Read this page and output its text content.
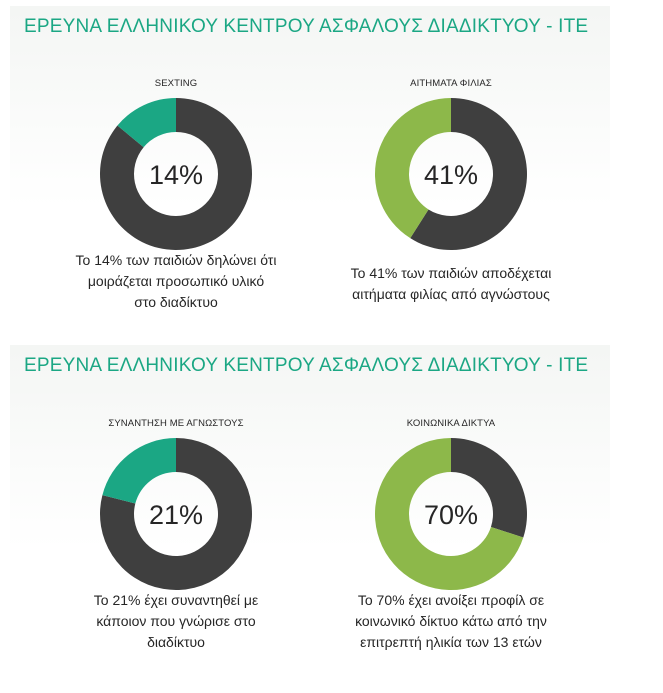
ΕΡΕΥΝΑ ΕΛΛΗΝΙΚΟΥ ΚΕΝΤΡΟΥ ΑΣΦΑΛΟΥΣ ΔΙΑΔΙΚΤΥΟΥ - ΙΤΕ
ΕΡΕΥΝΑ ΕΛΛΗΝΙΚΟΥ ΚΕΝΤΡΟΥ ΑΣΦΑΛΟΥΣ ΔΙΑΔΙΚΤΥΟΥ - ΙΤΕ
SEXTING
14%
Το 14% των παιδιών δηλώνει ότι
μοιράζεται προσωπικό υλικό
στο διαδίκτυο
ΑΙΤΗΜΑΤΑ ΦΙΛΙΑΣ
41%
Το 41% των παιδιών αποδέχεται
αιτήματα φιλίας από αγνώστους
ΣΥΝΑΝΤΗΣΗ ΜΕ ΑΓΝΩΣΤΟΥΣ
21%
Το 21% έχει συναντηθεί με
κάποιον που γνώρισε στο
διαδίκτυο
ΚΟΙΝΩΝΙΚΑ ΔΙΚΤΥΑ
70%
Το 70% έχει ανοίξει προφίλ σε
κοινωνικό δίκτυο κάτω από την
επιτρεπτή ηλικία των 13 ετών
